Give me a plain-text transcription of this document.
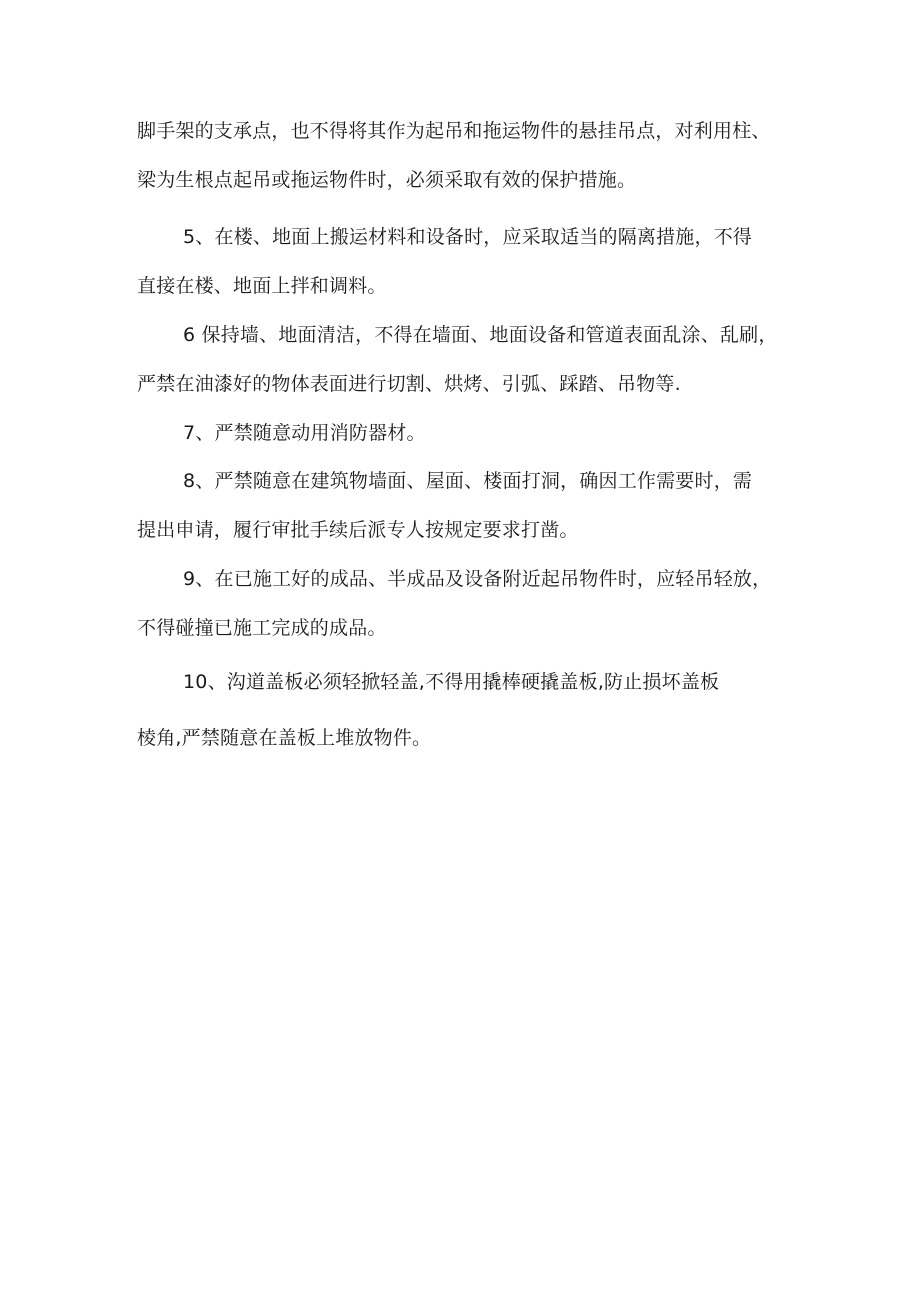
脚手架的支承点，也不得将其作为起吊和拖运物件的悬挂吊点，对利用柱、
梁为生根点起吊或拖运物件时，必须采取有效的保护措施。
5、在楼、地面上搬运材料和设备时，应采取适当的隔离措施，不得
直接在楼、地面上拌和调料。
6 保持墙、地面清洁，不得在墙面、地面设备和管道表面乱涂、乱刷，
严禁在油漆好的物体表面进行切割、烘烤、引弧、踩踏、吊物等.
7、严禁随意动用消防器材。
8、严禁随意在建筑物墙面、屋面、楼面打洞，确因工作需要时，需
提出申请，履行审批手续后派专人按规定要求打凿。
9、在已施工好的成品、半成品及设备附近起吊物件时，应轻吊轻放，
不得碰撞已施工完成的成品。
10、沟道盖板必须轻掀轻盖,不得用撬棒硬撬盖板,防止损坏盖板
棱角,严禁随意在盖板上堆放物件。
